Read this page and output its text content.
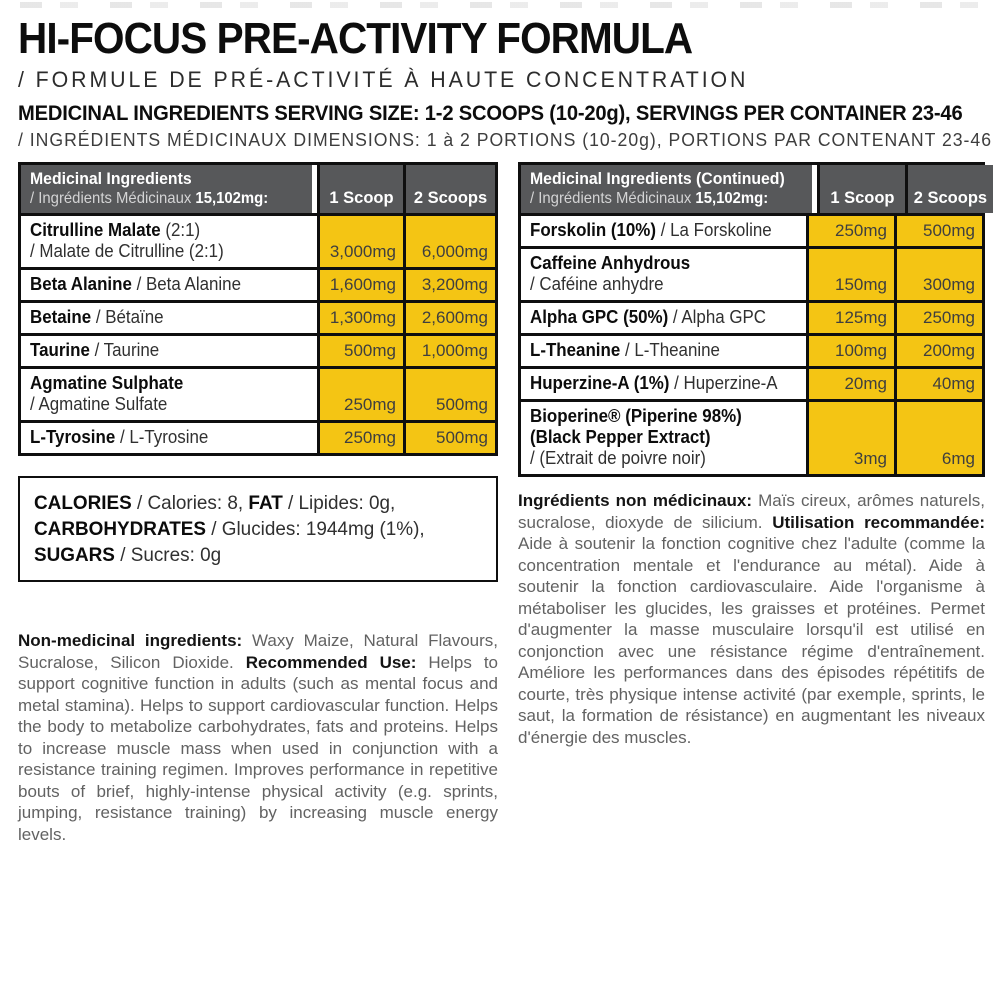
HI-FOCUS PRE-ACTIVITY FORMULA
/ FORMULE DE PRÉ-ACTIVITÉ À HAUTE CONCENTRATION
MEDICINAL INGREDIENTS SERVING SIZE: 1-2 SCOOPS (10-20g), SERVINGS PER CONTAINER 23-46
/ INGRÉDIENTS MÉDICINAUX DIMENSIONS: 1 à 2 PORTIONS (10-20g), PORTIONS PAR CONTENANT 23-46
Medicinal Ingredients
/ Ingrédients Médicinaux 15,102mg:	1 Scoop	2 Scoops
Citrulline Malate (2:1)
/ Malate de Citrulline (2:1)	3,000mg	6,000mg
Beta Alanine / Beta Alanine	1,600mg	3,200mg
Betaine / Bétaïne	1,300mg	2,600mg
Taurine / Taurine	500mg	1,000mg
Agmatine Sulphate
/ Agmatine Sulfate	250mg	500mg
L-Tyrosine / L-Tyrosine	250mg	500mg
CALORIES / Calories: 8, FAT / Lipides: 0g,
CARBOHYDRATES / Glucides: 1944mg (1%),
SUGARS / Sucres: 0g

Non-medicinal ingredients: Waxy Maize, Natural Flavours, Sucralose, Silicon Dioxide. Recommended Use: Helps to support cognitive function in adults (such as mental focus and metal stamina). Helps to support cardiovascular function. Helps the body to metabolize carbohydrates, fats and proteins. Helps to increase muscle mass when used in conjunction with a resistance training regimen. Improves performance in repetitive bouts of brief, highly-intense physical activity (e.g. sprints, jumping, resistance training) by increasing muscle energy levels.

Medicinal Ingredients (Continued)
/ Ingrédients Médicinaux 15,102mg:	1 Scoop	2 Scoops
Forskolin (10%) / La Forskoline	250mg	500mg
Caffeine Anhydrous
/ Caféine anhydre	150mg	300mg
Alpha GPC (50%) / Alpha GPC	125mg	250mg
L-Theanine / L-Theanine	100mg	200mg
Huperzine-A (1%) / Huperzine-A	20mg	40mg
Bioperine® (Piperine 98%)
(Black Pepper Extract)
/ (Extrait de poivre noir)	3mg	6mg

Ingrédients non médicinaux: Maïs cireux, arômes naturels, sucralose, dioxyde de silicium. Utilisation recommandée: Aide à soutenir la fonction cognitive chez l'adulte (comme la concentration mentale et l'endurance au métal). Aide à soutenir la fonction cardiovasculaire. Aide l'organisme à métaboliser les glucides, les graisses et protéines. Permet d'augmenter la masse musculaire lorsqu'il est utilisé en conjonction avec une résistance régime d'entraînement. Améliore les performances dans des épisodes répétitifs de courte, très physique intense activité (par exemple, sprints, le saut, la formation de résistance) en augmentant les niveaux d'énergie des muscles.
